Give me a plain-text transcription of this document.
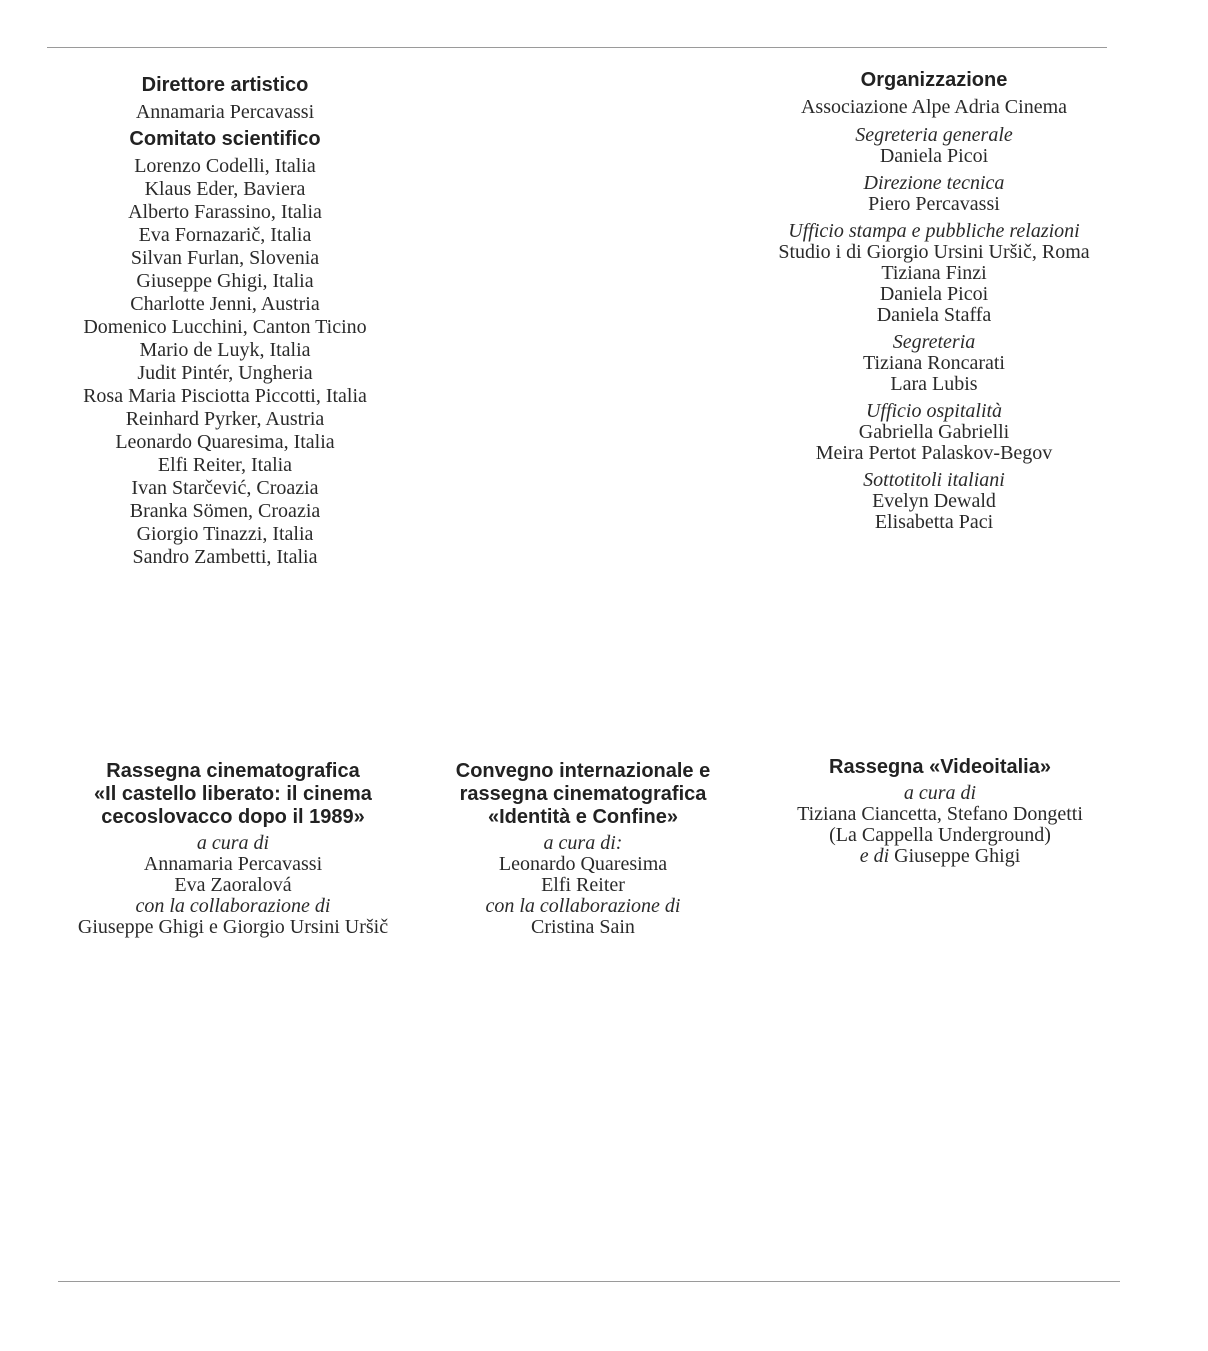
Direttore artistico
Annamaria Percavassi
Comitato scientifico
Lorenzo Codelli, Italia
Klaus Eder, Baviera
Alberto Farassino, Italia
Eva Fornazarič, Italia
Silvan Furlan, Slovenia
Giuseppe Ghigi, Italia
Charlotte Jenni, Austria
Domenico Lucchini, Canton Ticino
Mario de Luyk, Italia
Judit Pintér, Ungheria
Rosa Maria Pisciotta Piccotti, Italia
Reinhard Pyrker, Austria
Leonardo Quaresima, Italia
Elfi Reiter, Italia
Ivan Starčević, Croazia
Branka Sömen, Croazia
Giorgio Tinazzi, Italia
Sandro Zambetti, Italia
Organizzazione
Associazione Alpe Adria Cinema
Segreteria generale
Daniela Picoi
Direzione tecnica
Piero Percavassi
Ufficio stampa e pubbliche relazioni
Studio i di Giorgio Ursini Uršič, Roma
Tiziana Finzi
Daniela Picoi
Daniela Staffa
Segreteria
Tiziana Roncarati
Lara Lubis
Ufficio ospitalità
Gabriella Gabrielli
Meira Pertot Palaskov-Begov
Sottotitoli italiani
Evelyn Dewald
Elisabetta Paci
Rassegna cinematografica
«Il castello liberato: il cinema
cecoslovacco dopo il 1989»
a cura di
Annamaria Percavassi
Eva Zaoralová
con la collaborazione di
Giuseppe Ghigi e Giorgio Ursini Uršič
Convegno internazionale e
rassegna cinematografica
«Identità e Confine»
a cura di:
Leonardo Quaresima
Elfi Reiter
con la collaborazione di
Cristina Sain
Rassegna «Videoitalia»
a cura di
Tiziana Ciancetta, Stefano Dongetti
(La Cappella Underground)
e di Giuseppe Ghigi
